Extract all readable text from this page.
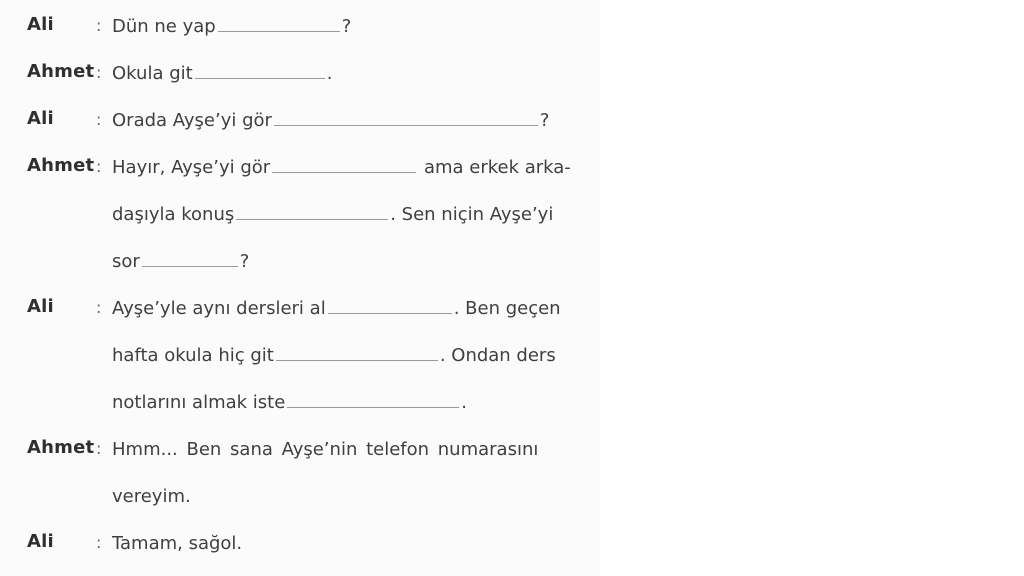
Ali	: Dün ne yap	?
Ahmet : Okula git	.
Ali	: Orada Ayşe’yi gör	?
Ahmet : Hayır, Ayşe’yi gör	ama erkek arka-
daşıyla konuş	. Sen niçin Ayşe’yi
sor	?
Ali	: Ayşe’yle aynı dersleri al	. Ben geçen
hafta okula hiç git	. Ondan ders
notlarını almak iste	.
Ahmet : Hmm... Ben sana Ayşe’nin telefon numarasını
vereyim.
Ali	: Tamam, sağol.
